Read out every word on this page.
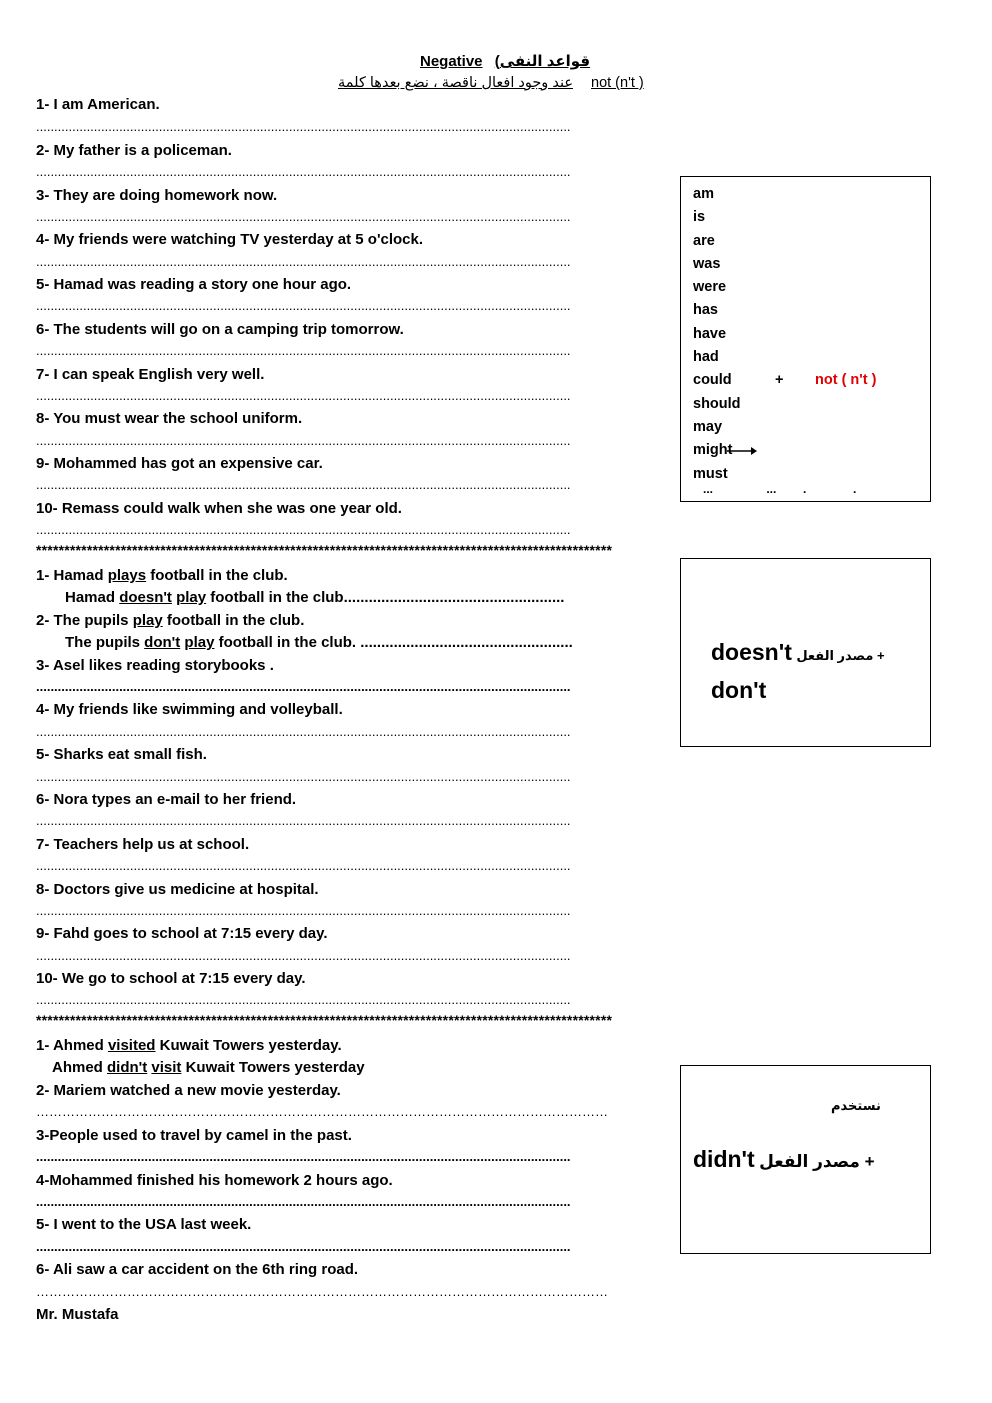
Negative (قواعد النفى
عند وجود افعال ناقصة ، نضع بعدها كلمة not (n't )
1- I am American.
....................................................................................................................................................
2- My father is a policeman.
....................................................................................................................................................
3- They are doing homework now.
....................................................................................................................................................
4- My friends were watching TV yesterday at 5 o'clock.
....................................................................................................................................................
5- Hamad was reading a story one hour ago.
....................................................................................................................................................
6- The students will go on a camping trip tomorrow.
....................................................................................................................................................
7- I can speak English very well.
....................................................................................................................................................
8- You must wear the school uniform.
....................................................................................................................................................
9- Mohammed has got an expensive car.
....................................................................................................................................................
10- Remass could walk when she was one year old.
....................................................................................................................................................
am
is
are
was
were
has
have
had
could	+ not ( n't )
should
may
might
must
...                ...        .              .
******************************************************************************************************
1- Hamad plays football in the club.
Hamad doesn't play football in the club.....................................................
2- The pupils play football in the club.
The pupils don't play football in the club. ...................................................
3- Asel likes reading storybooks .
....................................................................................................................................................
4- My friends like swimming and volleyball.
....................................................................................................................................................
5- Sharks eat small fish.
....................................................................................................................................................
6- Nora types an e-mail to her friend.
....................................................................................................................................................
7- Teachers help us at school.
....................................................................................................................................................
8- Doctors give us medicine at hospital.
....................................................................................................................................................
9- Fahd goes to school at 7:15 every day.
....................................................................................................................................................
10- We go to school at 7:15 every day.
....................................................................................................................................................
doesn't + مصدر الفعل
don't
******************************************************************************************************
1- Ahmed visited Kuwait Towers yesterday.
Ahmed didn't visit Kuwait Towers yesterday
2- Mariem watched a new movie yesterday.
……………………………………………………………………………………………………………………
3-People used to travel by camel in the past.
....................................................................................................................................................
4-Mohammed finished his homework 2 hours ago.
....................................................................................................................................................
5- I went to the USA last week.
....................................................................................................................................................
6- Ali saw a car accident on the 6th ring road.
……………………………………………………………………………………………………………………
Mr. Mustafa
نستخدم
didn't + مصدر الفعل
